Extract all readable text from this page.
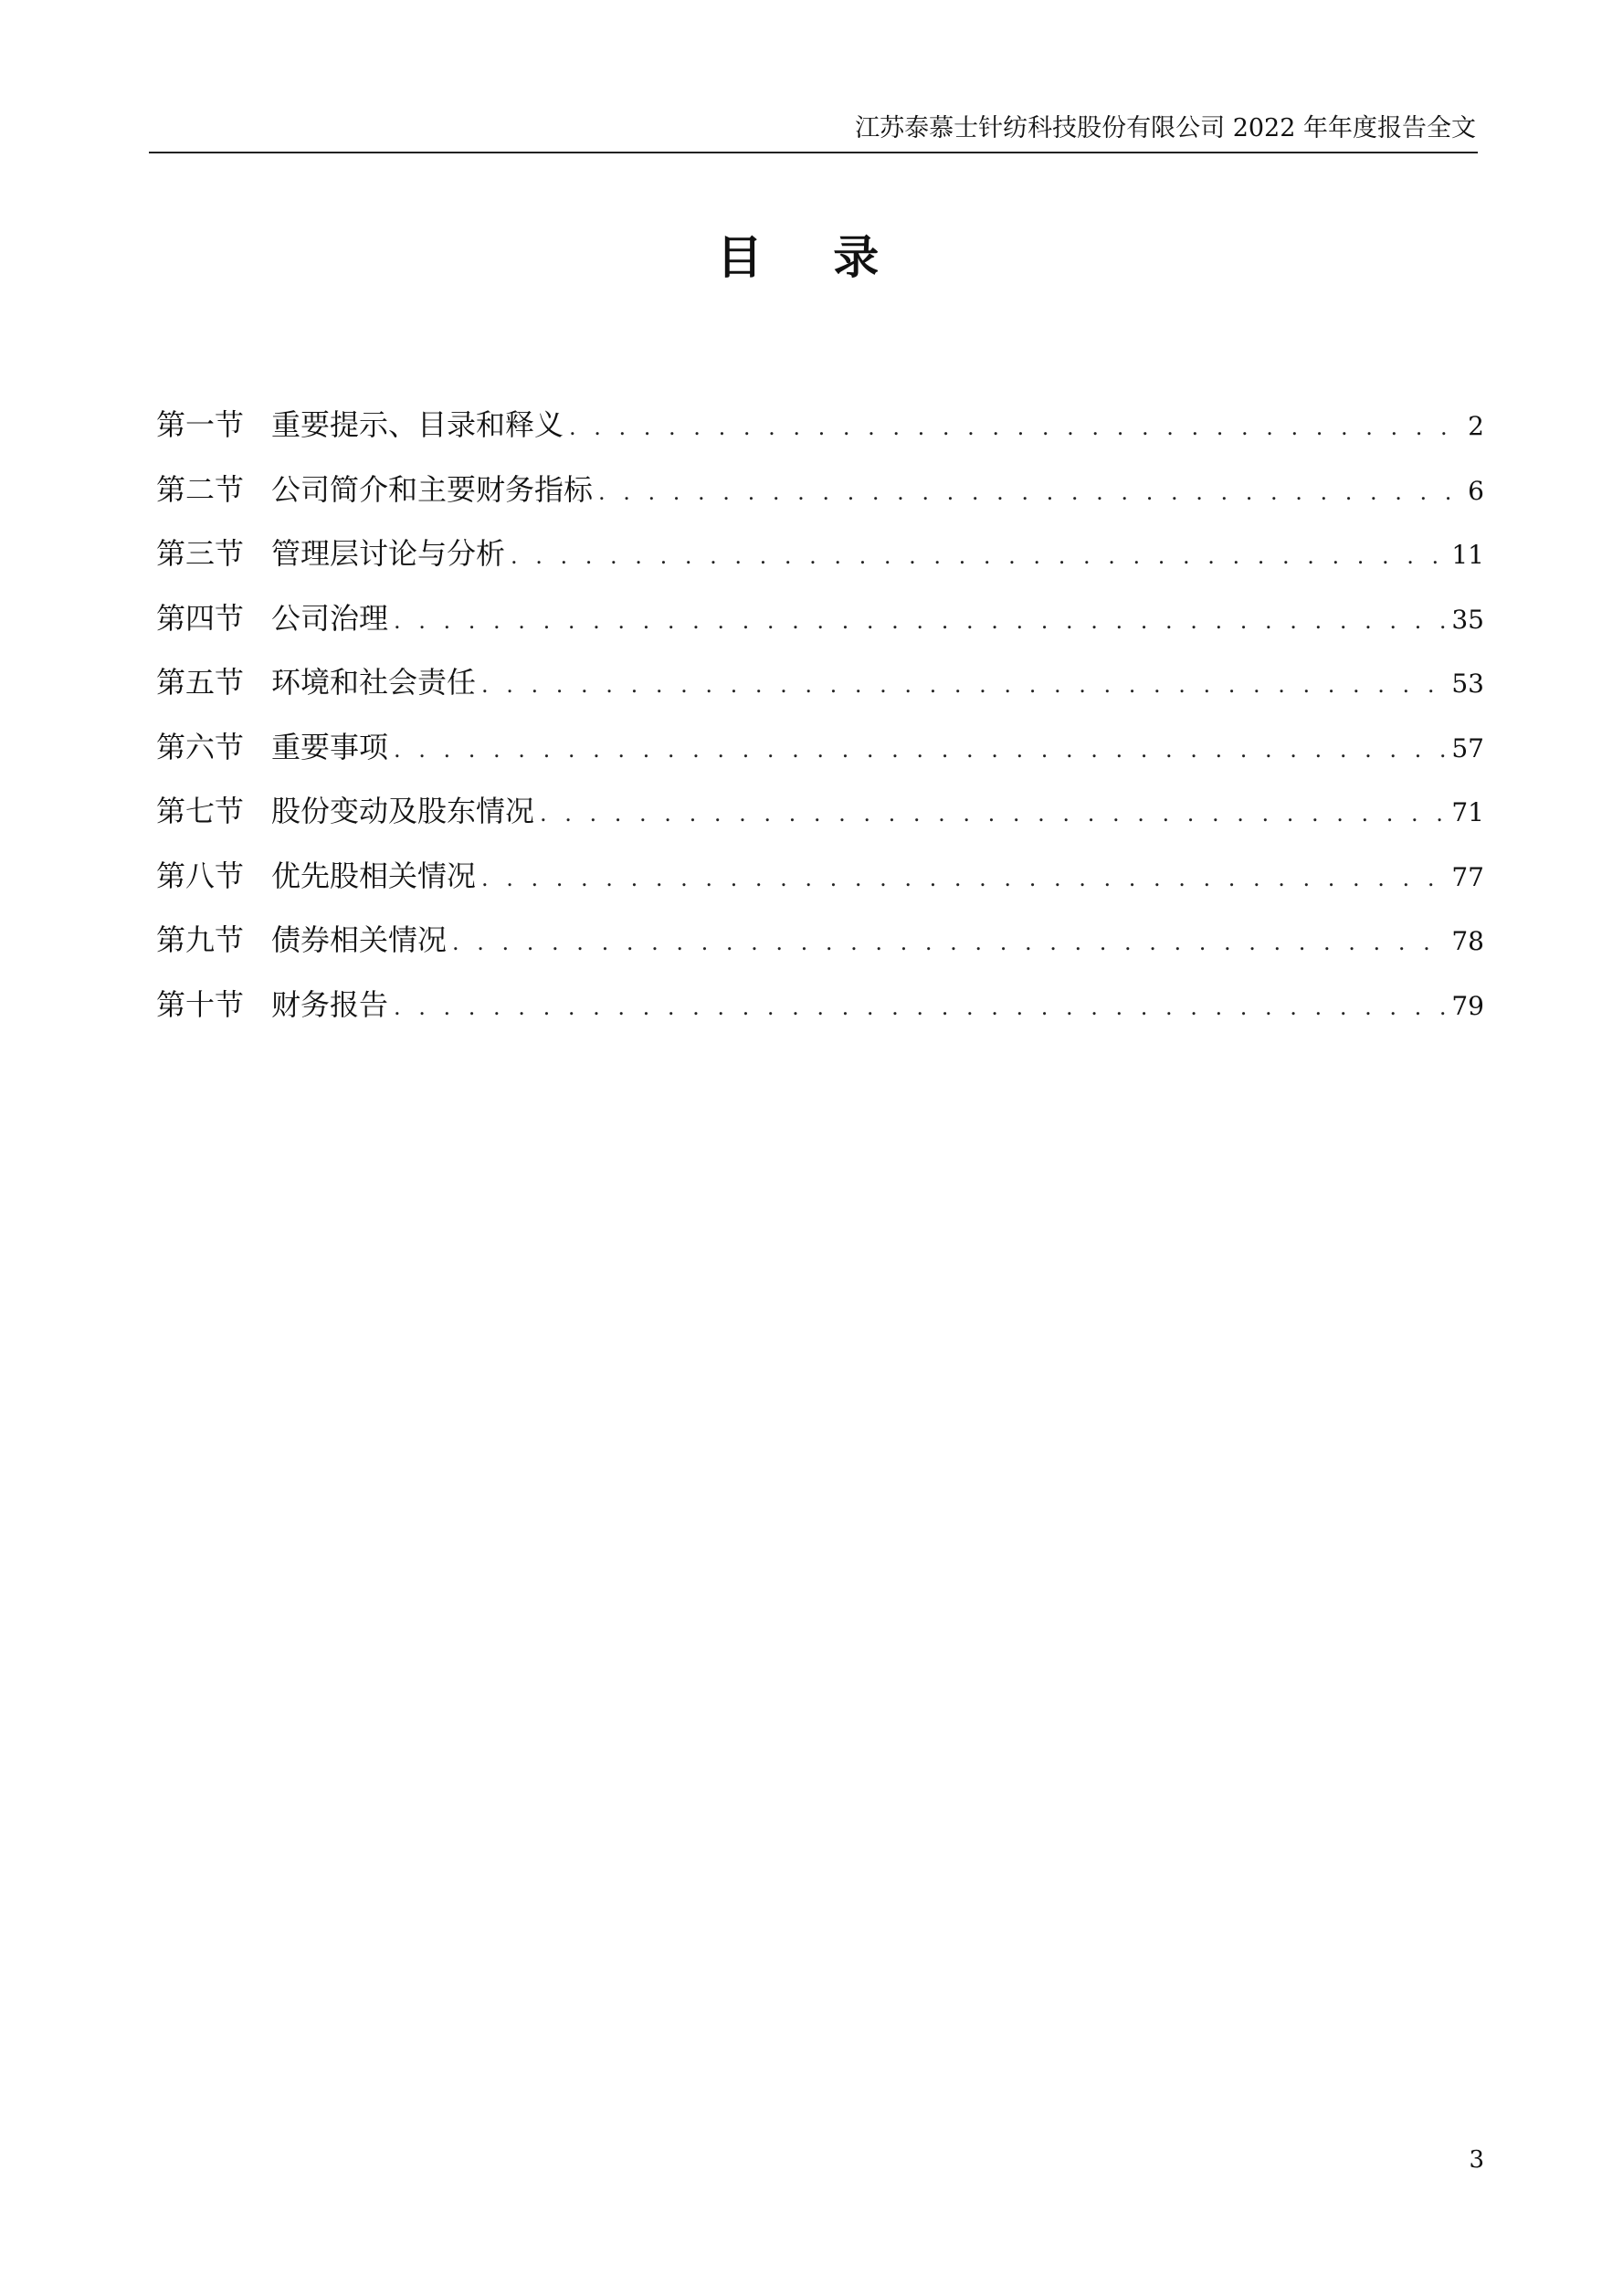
江苏泰慕士针纺科技股份有限公司 2022 年年度报告全文
目 录
第一节 重要提示、目录和释义 . . .	2
第二节 公司简介和主要财务指标 . . .	6
第三节 管理层讨论与分析 . . .	11
第四节 公司治理 . . .	35
第五节 环境和社会责任 . . .	53
第六节 重要事项 . . .	57
第七节 股份变动及股东情况 . . .	71
第八节 优先股相关情况 . . .	77
第九节 债券相关情况 . . .	78
第十节 财务报告 . . .	79
3
